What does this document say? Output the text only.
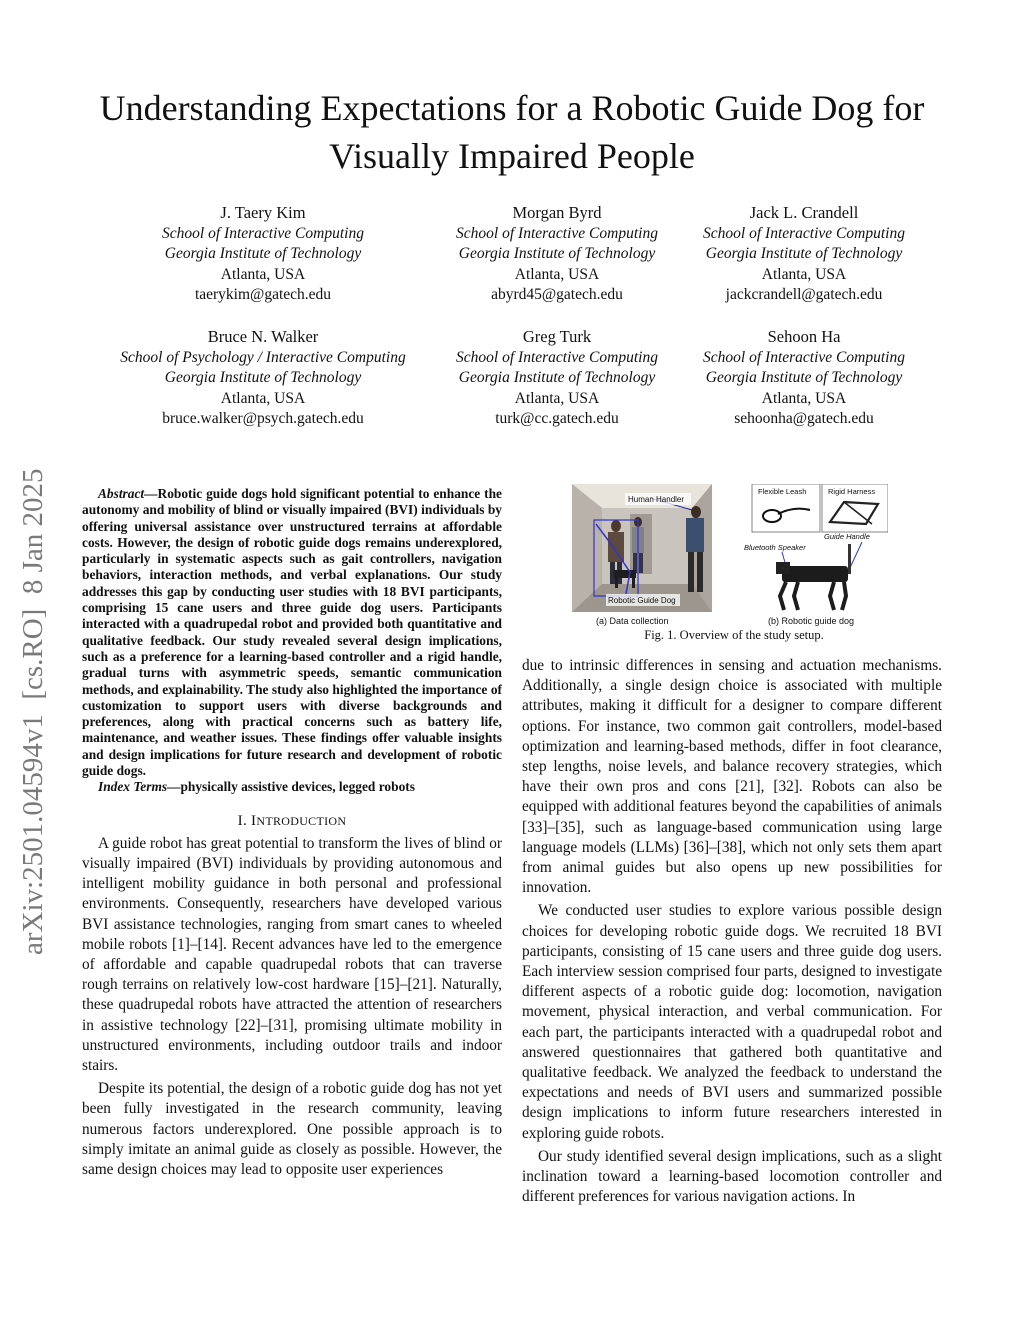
arXiv:2501.04594v1  [cs.RO]  8 Jan 2025
Understanding Expectations for a Robotic Guide Dog for Visually Impaired People
J. Taery Kim
School of Interactive Computing
Georgia Institute of Technology
Atlanta, USA
taerykim@gatech.edu
Morgan Byrd
School of Interactive Computing
Georgia Institute of Technology
Atlanta, USA
abyrd45@gatech.edu
Jack L. Crandell
School of Interactive Computing
Georgia Institute of Technology
Atlanta, USA
jackcrandell@gatech.edu
Bruce N. Walker
School of Psychology / Interactive Computing
Georgia Institute of Technology
Atlanta, USA
bruce.walker@psych.gatech.edu
Greg Turk
School of Interactive Computing
Georgia Institute of Technology
Atlanta, USA
turk@cc.gatech.edu
Sehoon Ha
School of Interactive Computing
Georgia Institute of Technology
Atlanta, USA
sehoonha@gatech.edu

Abstract—Robotic guide dogs hold significant potential to enhance the autonomy and mobility of blind or visually impaired (BVI) individuals by offering universal assistance over unstructured terrains at affordable costs. However, the design of robotic guide dogs remains underexplored, particularly in systematic aspects such as gait controllers, navigation behaviors, interaction methods, and verbal explanations. Our study addresses this gap by conducting user studies with 18 BVI participants, comprising 15 cane users and three guide dog users. Participants interacted with a quadrupedal robot and provided both quantitative and qualitative feedback. Our study revealed several design implications, such as a preference for a learning-based controller and a rigid handle, gradual turns with asymmetric speeds, semantic communication methods, and explainability. The study also highlighted the importance of customization to support users with diverse backgrounds and preferences, along with practical concerns such as battery life, maintenance, and weather issues. These findings offer valuable insights and design implications for future research and development of robotic guide dogs.

Index Terms—physically assistive devices, legged robots

I. INTRODUCTION

A guide robot has great potential to transform the lives of blind or visually impaired (BVI) individuals by providing autonomous and intelligent mobility guidance in both personal and professional environments. Consequently, researchers have developed various BVI assistance technologies, ranging from smart canes to wheeled mobile robots [1]–[14]. Recent advances have led to the emergence of affordable and capable quadrupedal robots that can traverse rough terrains on relatively low-cost hardware [15]–[21]. Naturally, these quadrupedal robots have attracted the attention of researchers in assistive technology [22]–[31], promising ultimate mobility in unstructured environments, including outdoor trails and indoor stairs.

Despite its potential, the design of a robotic guide dog has not yet been fully investigated in the research community, leaving numerous factors underexplored. One possible approach is to simply imitate an animal guide as closely as possible. However, the same design choices may lead to opposite user experiences

Human Handler
Robotic Guide Dog
Flexible Leash	Rigid Harness
Guide Handle
Bluetooth Speaker
(a) Data collection	(b) Robotic guide dog
Fig. 1. Overview of the study setup.

due to intrinsic differences in sensing and actuation mechanisms. Additionally, a single design choice is associated with multiple attributes, making it difficult for a designer to compare different options. For instance, two common gait controllers, model-based optimization and learning-based methods, differ in foot clearance, step lengths, noise levels, and balance recovery strategies, which have their own pros and cons [21], [32]. Robots can also be equipped with additional features beyond the capabilities of animals [33]–[35], such as language-based communication using large language models (LLMs) [36]–[38], which not only sets them apart from animal guides but also opens up new possibilities for innovation.

We conducted user studies to explore various possible design choices for developing robotic guide dogs. We recruited 18 BVI participants, consisting of 15 cane users and three guide dog users. Each interview session comprised four parts, designed to investigate different aspects of a robotic guide dog: locomotion, navigation movement, physical interaction, and verbal communication. For each part, the participants interacted with a quadrupedal robot and answered questionnaires that gathered both quantitative and qualitative feedback. We analyzed the feedback to understand the expectations and needs of BVI users and summarized possible design implications to inform future researchers interested in exploring guide robots.

Our study identified several design implications, such as a slight inclination toward a learning-based locomotion controller and different preferences for various navigation actions. In
